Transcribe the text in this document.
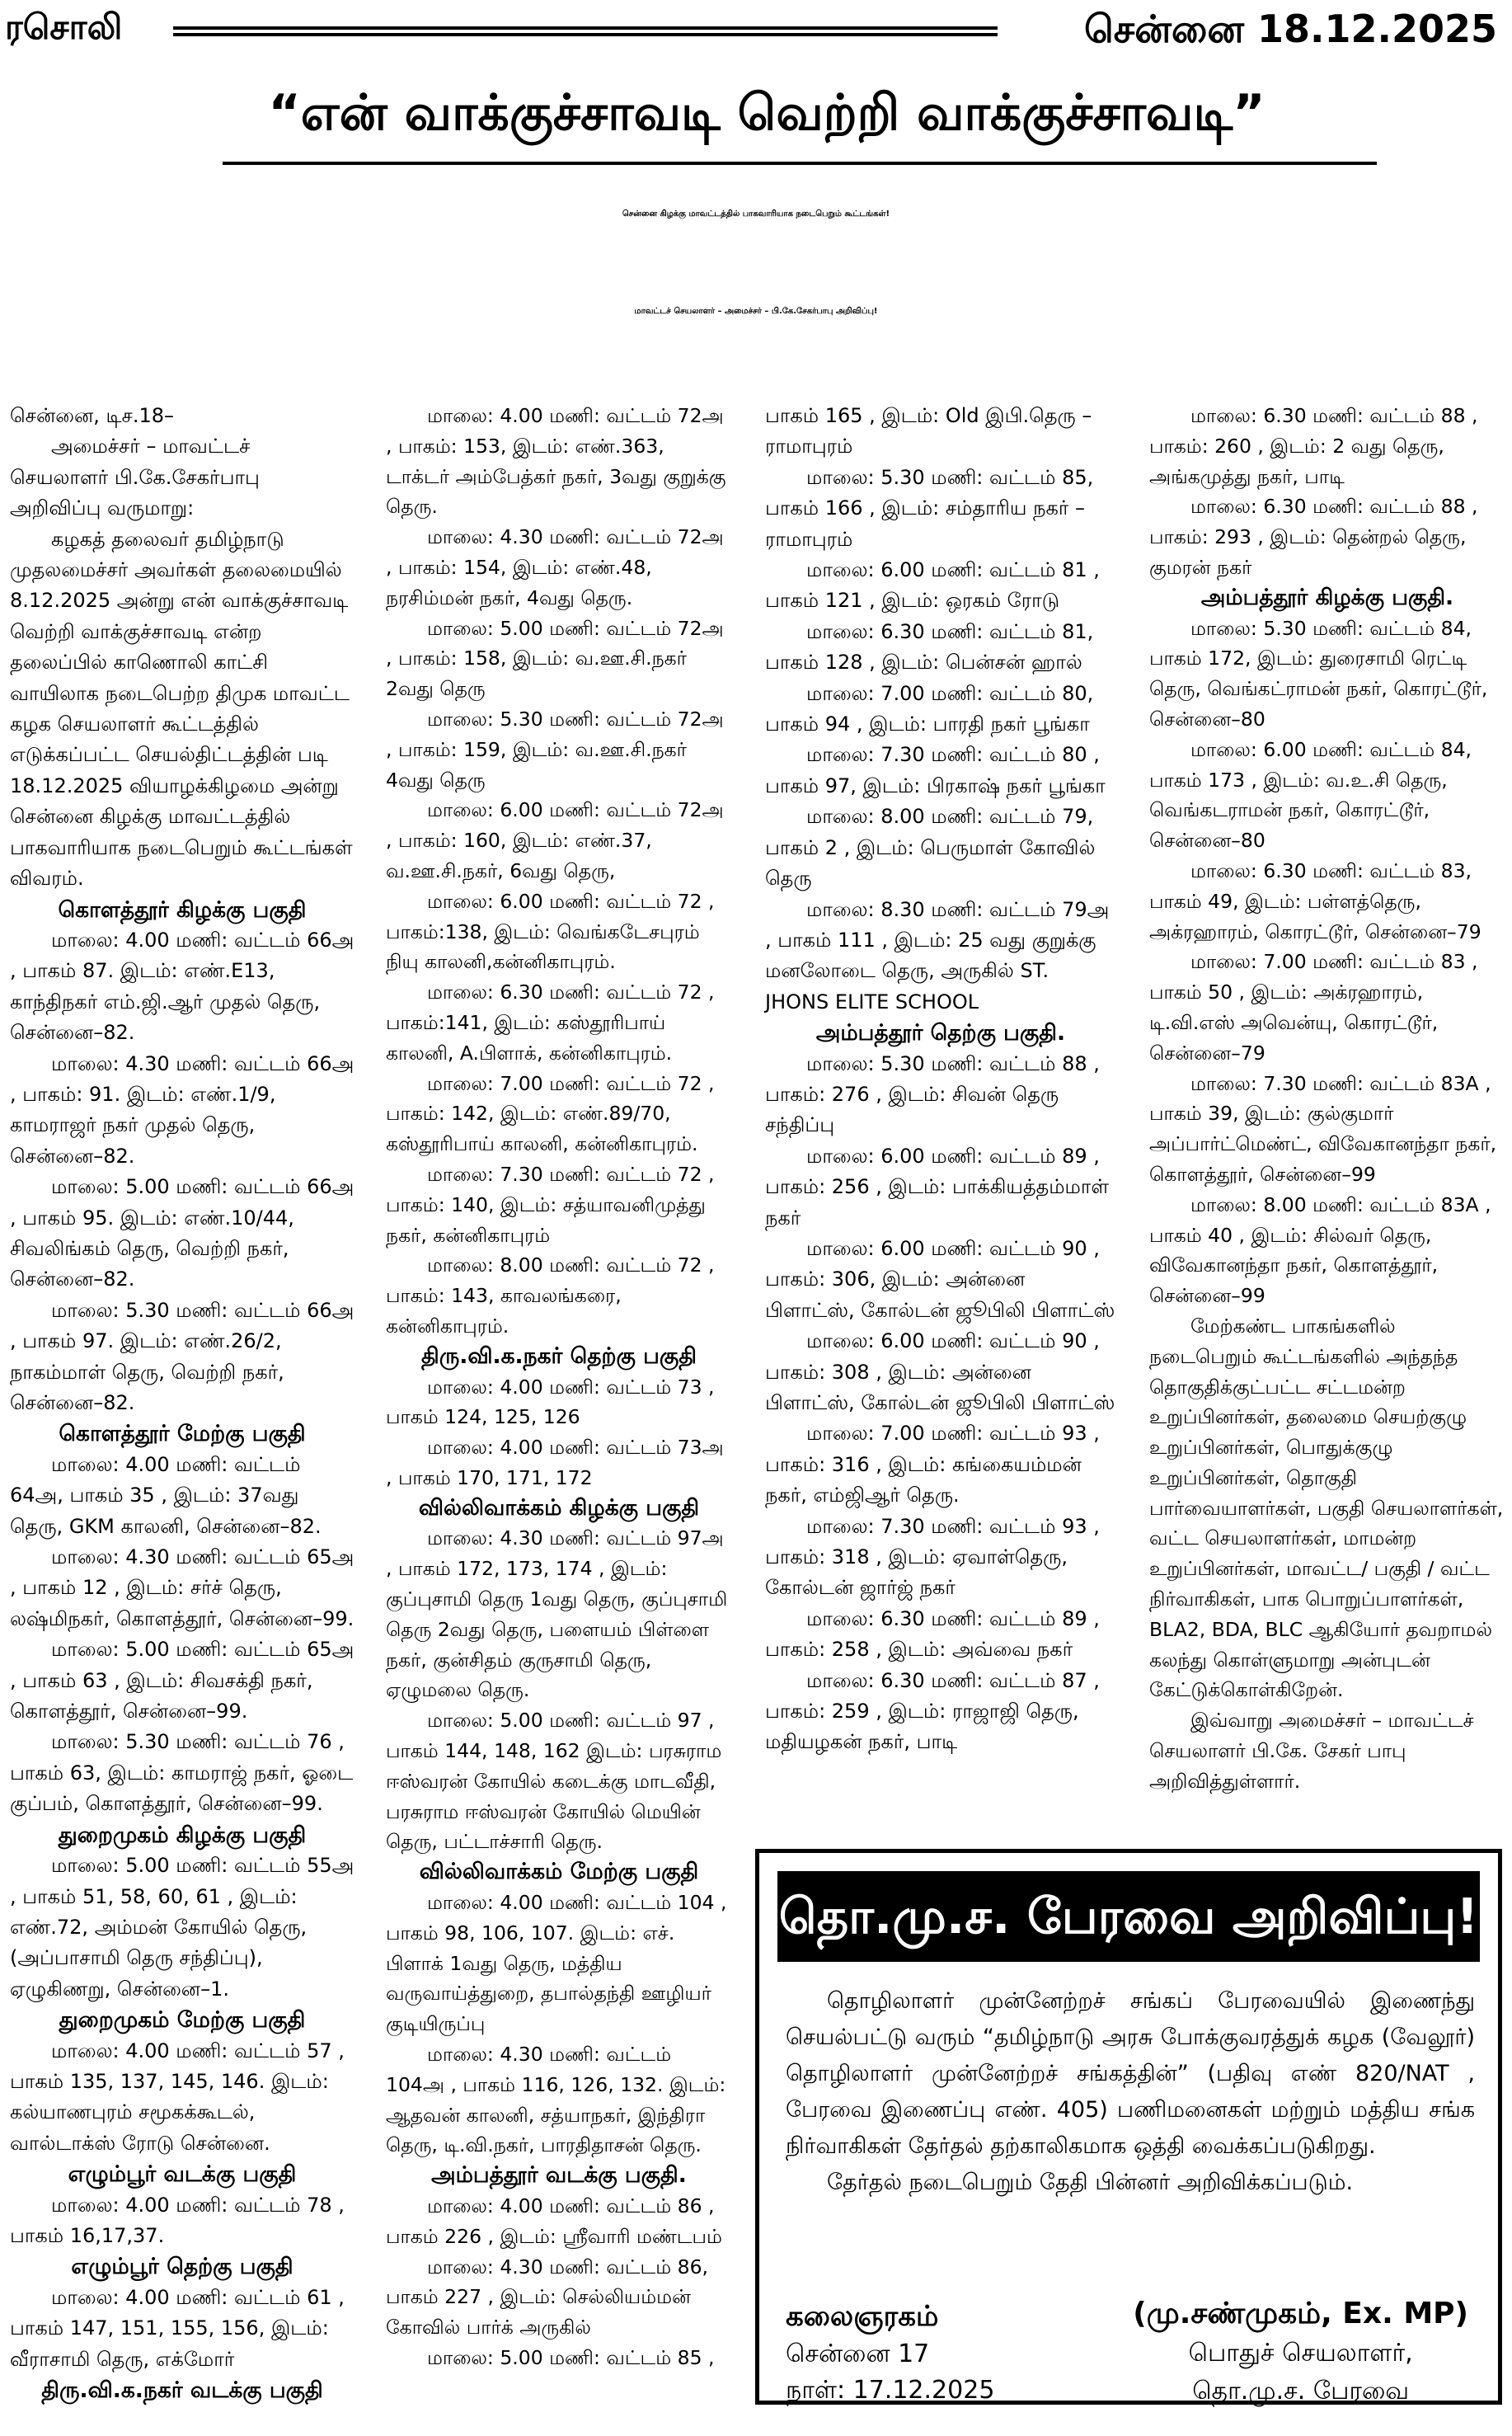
ரசொலி	சென்னை 18.12.2025
“என் வாக்குச்சாவடி வெற்றி வாக்குச்சாவடி”
சென்னை கிழக்கு மாவட்டத்தில் பாகவாரியாக நடைபெறும் கூட்டங்கள்!
மாவட்டச் செயலாளர் – அமைச்சர் – பி.கே.சேகர்பாபு அறிவிப்பு!

சென்னை, டிச.18–

அமைச்சர் – மாவட்டச் செயலாளர் பி.கே.சேகர்பாபு அறிவிப்பு வருமாறு:

கழகத் தலைவர் தமிழ்நாடு முதலமைச்சர் அவர்கள் தலைமையில் 8.12.2025 அன்று என் வாக்குச்சாவடி வெற்றி வாக்குச்சாவடி என்ற தலைப்பில் காணொலி காட்சி வாயிலாக நடைபெற்ற திமுக மாவட்ட கழக செயலாளர் கூட்டத்தில் எடுக்கப்பட்ட செயல்திட்டத்தின் படி 18.12.2025 வியாழக்கிழமை அன்று சென்னை கிழக்கு மாவட்டத்தில் பாகவாரியாக நடைபெறும் கூட்டங்கள் விவரம்.

கொளத்தூர் கிழக்கு பகுதி

மாலை: 4.00 மணி: வட்டம் 66அ , பாகம் 87. இடம்: எண்.E13, காந்திநகர் எம்.ஜி.ஆர் முதல் தெரு, சென்னை–82.

மாலை: 4.30 மணி: வட்டம் 66அ , பாகம்: 91. இடம்: எண்.1/9, காமராஜர் நகர் முதல் தெரு, சென்னை–82.

மாலை: 5.00 மணி: வட்டம் 66அ , பாகம் 95. இடம்: எண்.10/44, சிவலிங்கம் தெரு, வெற்றி நகர், சென்னை–82.

மாலை: 5.30 மணி: வட்டம் 66அ , பாகம் 97. இடம்: எண்.26/2, நாகம்மாள் தெரு, வெற்றி நகர், சென்னை–82.

கொளத்தூர் மேற்கு பகுதி

மாலை: 4.00 மணி: வட்டம் 64அ, பாகம் 35 , இடம்: 37வது தெரு, GKM காலனி, சென்னை–82.

மாலை: 4.30 மணி: வட்டம் 65அ , பாகம் 12 , இடம்: சர்ச் தெரு, லஷ்மிநகர், கொளத்தூர், சென்னை–99.

மாலை: 5.00 மணி: வட்டம் 65அ , பாகம் 63 , இடம்: சிவசக்தி நகர், கொளத்தூர், சென்னை–99.

மாலை: 5.30 மணி: வட்டம் 76 , பாகம் 63, இடம்: காமராஜ் நகர், ஓடை குப்பம், கொளத்தூர், சென்னை–99.

துறைமுகம் கிழக்கு பகுதி

மாலை: 5.00 மணி: வட்டம் 55அ , பாகம் 51, 58, 60, 61 , இடம்: எண்.72, அம்மன் கோயில் தெரு, (அப்பாசாமி தெரு சந்திப்பு), ஏழுகிணறு, சென்னை–1.

துறைமுகம் மேற்கு பகுதி

மாலை: 4.00 மணி: வட்டம் 57 , பாகம் 135, 137, 145, 146. இடம்: கல்யாணபுரம் சமூகக்கூடல், வால்டாக்ஸ் ரோடு சென்னை.

எழும்பூர் வடக்கு பகுதி

மாலை: 4.00 மணி: வட்டம் 78 , பாகம் 16,17,37.

எழும்பூர் தெற்கு பகுதி

மாலை: 4.00 மணி: வட்டம் 61 , பாகம் 147, 151, 155, 156, இடம்: வீராசாமி தெரு, எக்மோர்

திரு.வி.க.நகர் வடக்கு பகுதி

மாலை: 4.00 மணி: வட்டம் 72அ , பாகம்: 153, இடம்: எண்.363, டாக்டர் அம்பேத்கர் நகர், 3வது குறுக்கு தெரு.

மாலை: 4.30 மணி: வட்டம் 72அ , பாகம்: 154, இடம்: எண்.48, நரசிம்மன் நகர், 4வது தெரு.

மாலை: 5.00 மணி: வட்டம் 72அ , பாகம்: 158, இடம்: வ.ஊ.சி.நகர் 2வது தெரு

மாலை: 5.30 மணி: வட்டம் 72அ , பாகம்: 159, இடம்: வ.ஊ.சி.நகர் 4வது தெரு

மாலை: 6.00 மணி: வட்டம் 72அ , பாகம்: 160, இடம்: எண்.37, வ.ஊ.சி.நகர், 6வது தெரு,

மாலை: 6.00 மணி: வட்டம் 72 , பாகம்:138, இடம்: வெங்கடேசபுரம் நியு காலனி,கன்னிகாபுரம்.

மாலை: 6.30 மணி: வட்டம் 72 , பாகம்:141, இடம்: கஸ்தூரிபாய் காலனி, A.பிளாக், கன்னிகாபுரம்.

மாலை: 7.00 மணி: வட்டம் 72 , பாகம்: 142, இடம்: எண்.89/70, கஸ்தூரிபாய் காலனி, கன்னிகாபுரம்.

மாலை: 7.30 மணி: வட்டம் 72 , பாகம்: 140, இடம்: சத்யாவனிமுத்து நகர், கன்னிகாபுரம்

மாலை: 8.00 மணி: வட்டம் 72 , பாகம்: 143, காவலங்கரை, கன்னிகாபுரம்.

திரு.வி.க.நகர் தெற்கு பகுதி

மாலை: 4.00 மணி: வட்டம் 73 , பாகம் 124, 125, 126

மாலை: 4.00 மணி: வட்டம் 73அ , பாகம் 170, 171, 172

வில்லிவாக்கம் கிழக்கு பகுதி

மாலை: 4.30 மணி: வட்டம் 97அ , பாகம் 172, 173, 174 , இடம்: குப்புசாமி தெரு 1வது தெரு, குப்புசாமி தெரு 2வது தெரு, பளையம் பிள்ளை நகர், குன்சிதம் குருசாமி தெரு, ஏழுமலை தெரு.

மாலை: 5.00 மணி: வட்டம் 97 , பாகம் 144, 148, 162 இடம்: பரசுராம ஈஸ்வரன் கோயில் கடைக்கு மாடவீதி, பரசுராம ஈஸ்வரன் கோயில் மெயின் தெரு, பட்டாச்சாரி தெரு.

வில்லிவாக்கம் மேற்கு பகுதி

மாலை: 4.00 மணி: வட்டம் 104 , பாகம் 98, 106, 107. இடம்: எச். பிளாக் 1வது தெரு, மத்திய வருவாய்த்துறை, தபால்தந்தி ஊழியர் குடியிருப்பு

மாலை: 4.30 மணி: வட்டம் 104அ , பாகம் 116, 126, 132. இடம்: ஆதவன் காலனி, சத்யாநகர், இந்திரா தெரு, டி.வி.நகர், பாரதிதாசன் தெரு.

அம்பத்தூர் வடக்கு பகுதி.

மாலை: 4.00 மணி: வட்டம் 86 , பாகம் 226 , இடம்: ஸ்ரீவாரி மண்டபம்

மாலை: 4.30 மணி: வட்டம் 86, பாகம் 227 , இடம்: செல்லியம்மன் கோவில் பார்க் அருகில்

மாலை: 5.00 மணி: வட்டம் 85 ,

பாகம் 165 , இடம்: Old இபி.தெரு – ராமாபுரம்

மாலை: 5.30 மணி: வட்டம் 85, பாகம் 166 , இடம்: சம்தாரிய நகர் – ராமாபுரம்

மாலை: 6.00 மணி: வட்டம் 81 , பாகம் 121 , இடம்: ஒரகம் ரோடு

மாலை: 6.30 மணி: வட்டம் 81, பாகம் 128 , இடம்: பென்சன் ஹால்

மாலை: 7.00 மணி: வட்டம் 80, பாகம் 94 , இடம்: பாரதி நகர் பூங்கா

மாலை: 7.30 மணி: வட்டம் 80 , பாகம் 97, இடம்: பிரகாஷ் நகர் பூங்கா

மாலை: 8.00 மணி: வட்டம் 79, பாகம் 2 , இடம்: பெருமாள் கோவில் தெரு

மாலை: 8.30 மணி: வட்டம் 79அ , பாகம் 111 , இடம்: 25 வது குறுக்கு மனலோடை தெரு, அருகில் ST. JHONS ELITE SCHOOL

அம்பத்தூர் தெற்கு பகுதி.

மாலை: 5.30 மணி: வட்டம் 88 , பாகம்: 276 , இடம்: சிவன் தெரு சந்திப்பு

மாலை: 6.00 மணி: வட்டம் 89 , பாகம்: 256 , இடம்: பாக்கியத்தம்மாள் நகர்

மாலை: 6.00 மணி: வட்டம் 90 , பாகம்: 306, இடம்: அன்னை பிளாட்ஸ், கோல்டன் ஜூபிலி பிளாட்ஸ்

மாலை: 6.00 மணி: வட்டம் 90 , பாகம்: 308 , இடம்: அன்னை பிளாட்ஸ், கோல்டன் ஜூபிலி பிளாட்ஸ்

மாலை: 7.00 மணி: வட்டம் 93 , பாகம்: 316 , இடம்: கங்கையம்மன் நகர், எம்ஜிஆர் தெரு.

மாலை: 7.30 மணி: வட்டம் 93 , பாகம்: 318 , இடம்: ஏவாள்தெரு, கோல்டன் ஜார்ஜ் நகர்

மாலை: 6.30 மணி: வட்டம் 89 , பாகம்: 258 , இடம்: அவ்வை நகர்

மாலை: 6.30 மணி: வட்டம் 87 , பாகம்: 259 , இடம்: ராஜாஜி தெரு, மதியழகன் நகர், பாடி

மாலை: 6.30 மணி: வட்டம் 88 , பாகம்: 260 , இடம்: 2 வது தெரு, அங்கமுத்து நகர், பாடி

மாலை: 6.30 மணி: வட்டம் 88 , பாகம்: 293 , இடம்: தென்றல் தெரு, குமரன் நகர்

அம்பத்தூர் கிழக்கு பகுதி.

மாலை: 5.30 மணி: வட்டம் 84, பாகம் 172, இடம்: துரைசாமி ரெட்டி தெரு, வெங்கட்ராமன் நகர், கொரட்டூர், சென்னை–80

மாலை: 6.00 மணி: வட்டம் 84, பாகம் 173 , இடம்: வ.உ.சி தெரு, வெங்கடராமன் நகர், கொரட்டூர், சென்னை–80

மாலை: 6.30 மணி: வட்டம் 83, பாகம் 49, இடம்: பள்ளத்தெரு, அக்ரஹாரம், கொரட்டூர், சென்னை–79

மாலை: 7.00 மணி: வட்டம் 83 , பாகம் 50 , இடம்: அக்ரஹாரம், டி.வி.எஸ் அவென்யு, கொரட்டூர், சென்னை–79

மாலை: 7.30 மணி: வட்டம் 83A , பாகம் 39, இடம்: குல்குமார் அப்பார்ட்மெண்ட், விவேகானந்தா நகர், கொளத்தூர், சென்னை–99

மாலை: 8.00 மணி: வட்டம் 83A , பாகம் 40 , இடம்: சில்வர் தெரு, விவேகானந்தா நகர், கொளத்தூர், சென்னை–99

மேற்கண்ட பாகங்களில் நடைபெறும் கூட்டங்களில் அந்தந்த தொகுதிக்குட்பட்ட சட்டமன்ற உறுப்பினர்கள், தலைமை செயற்குழு உறுப்பினர்கள், பொதுக்குழு உறுப்பினர்கள், தொகுதி பார்வையாளர்கள், பகுதி செயலாளர்கள், வட்ட செயலாளர்கள், மாமன்ற உறுப்பினர்கள், மாவட்ட/ பகுதி / வட்ட நிர்வாகிகள், பாக பொறுப்பாளர்கள், BLA2, BDA, BLC ஆகியோர் தவறாமல் கலந்து கொள்ளுமாறு அன்புடன் கேட்டுக்கொள்கிறேன்.

இவ்வாறு அமைச்சர் – மாவட்டச் செயலாளர் பி.கே. சேகர் பாபு அறிவித்துள்ளார்.

தொ.மு.ச. பேரவை அறிவிப்பு!

தொழிலாளர் முன்னேற்றச் சங்கப் பேரவையில் இணைந்து செயல்பட்டு வரும் “தமிழ்நாடு அரசு போக்குவரத்துக் கழக (வேலூர்) தொழிலாளர் முன்னேற்றச் சங்கத்தின்” (பதிவு எண் 820/NAT , பேரவை இணைப்பு எண். 405) பணிமனைகள் மற்றும் மத்திய சங்க நிர்வாகிகள் தேர்தல் தற்காலிகமாக ஒத்தி வைக்கப்படுகிறது.

தேர்தல் நடைபெறும் தேதி பின்னர் அறிவிக்கப்படும்.

கலைஞரகம்
சென்னை 17
நாள்: 17.12.2025
(மு.சண்முகம், Ex. MP)
பொதுச் செயலாளர்,
தொ.மு.ச. பேரவை
